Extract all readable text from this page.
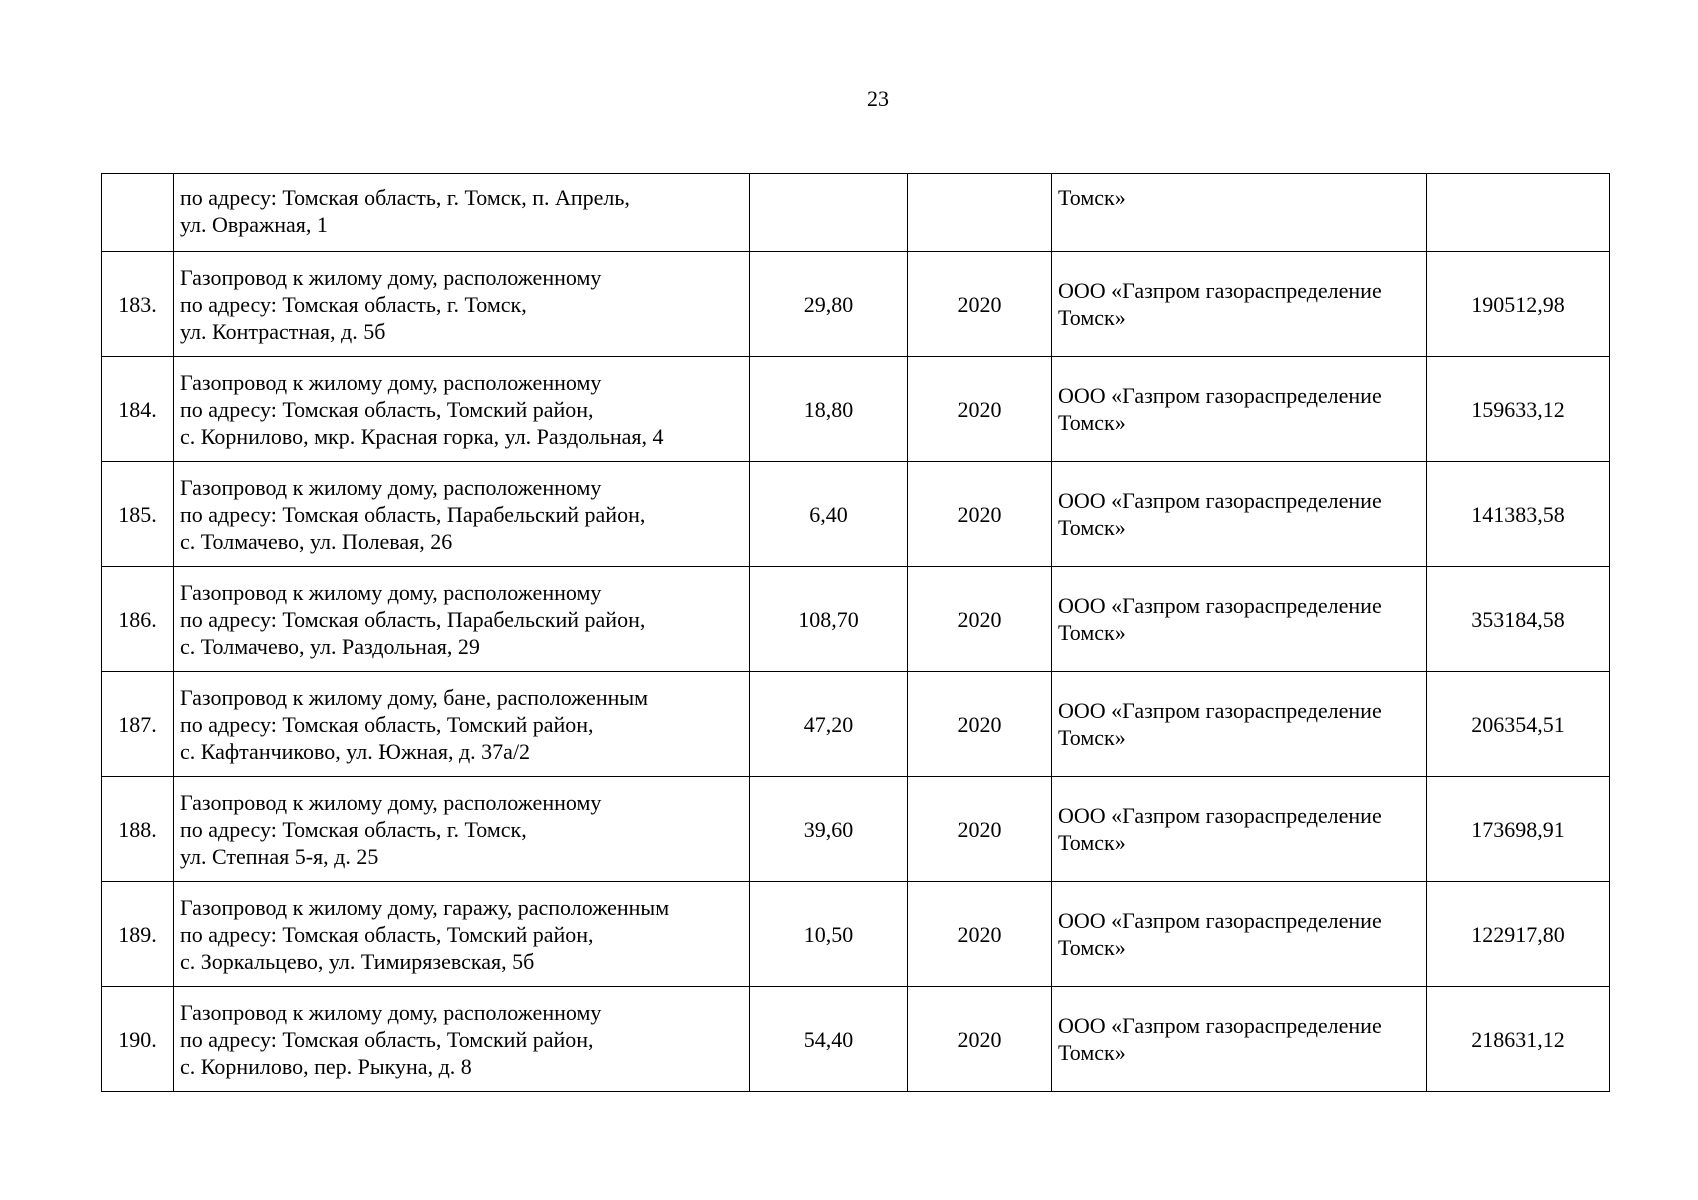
23

	по адресу: Томская область, г. Томск, п. Апрель,
ул. Овражная, 1			Томск»	

183.	Газопровод к жилому дому, расположенному
по адресу: Томская область, г. Томск,
ул. Контрастная, д. 5б	29,80	2020	ООО «Газпром газораспределение
Томск»	190512,98
184.	Газопровод к жилому дому, расположенному
по адресу: Томская область, Томский район,
с. Корнилово, мкр. Красная горка, ул. Раздольная, 4	18,80	2020	ООО «Газпром газораспределение
Томск»	159633,12
185.	Газопровод к жилому дому, расположенному
по адресу: Томская область, Парабельский район,
с. Толмачево, ул. Полевая, 26	6,40	2020	ООО «Газпром газораспределение
Томск»	141383,58
186.	Газопровод к жилому дому, расположенному
по адресу: Томская область, Парабельский район,
с. Толмачево, ул. Раздольная, 29	108,70	2020	ООО «Газпром газораспределение
Томск»	353184,58
187.	Газопровод к жилому дому, бане, расположенным
по адресу: Томская область, Томский район,
с. Кафтанчиково, ул. Южная, д. 37а/2	47,20	2020	ООО «Газпром газораспределение
Томск»	206354,51
188.	Газопровод к жилому дому, расположенному
по адресу: Томская область, г. Томск,
ул. Степная 5-я, д. 25	39,60	2020	ООО «Газпром газораспределение
Томск»	173698,91
189.	Газопровод к жилому дому, гаражу, расположенным
по адресу: Томская область, Томский район,
с. Зоркальцево, ул. Тимирязевская, 5б	10,50	2020	ООО «Газпром газораспределение
Томск»	122917,80
190.	Газопровод к жилому дому, расположенному
по адресу: Томская область, Томский район,
с. Корнилово, пер. Рыкуна, д. 8	54,40	2020	ООО «Газпром газораспределение
Томск»	218631,12
